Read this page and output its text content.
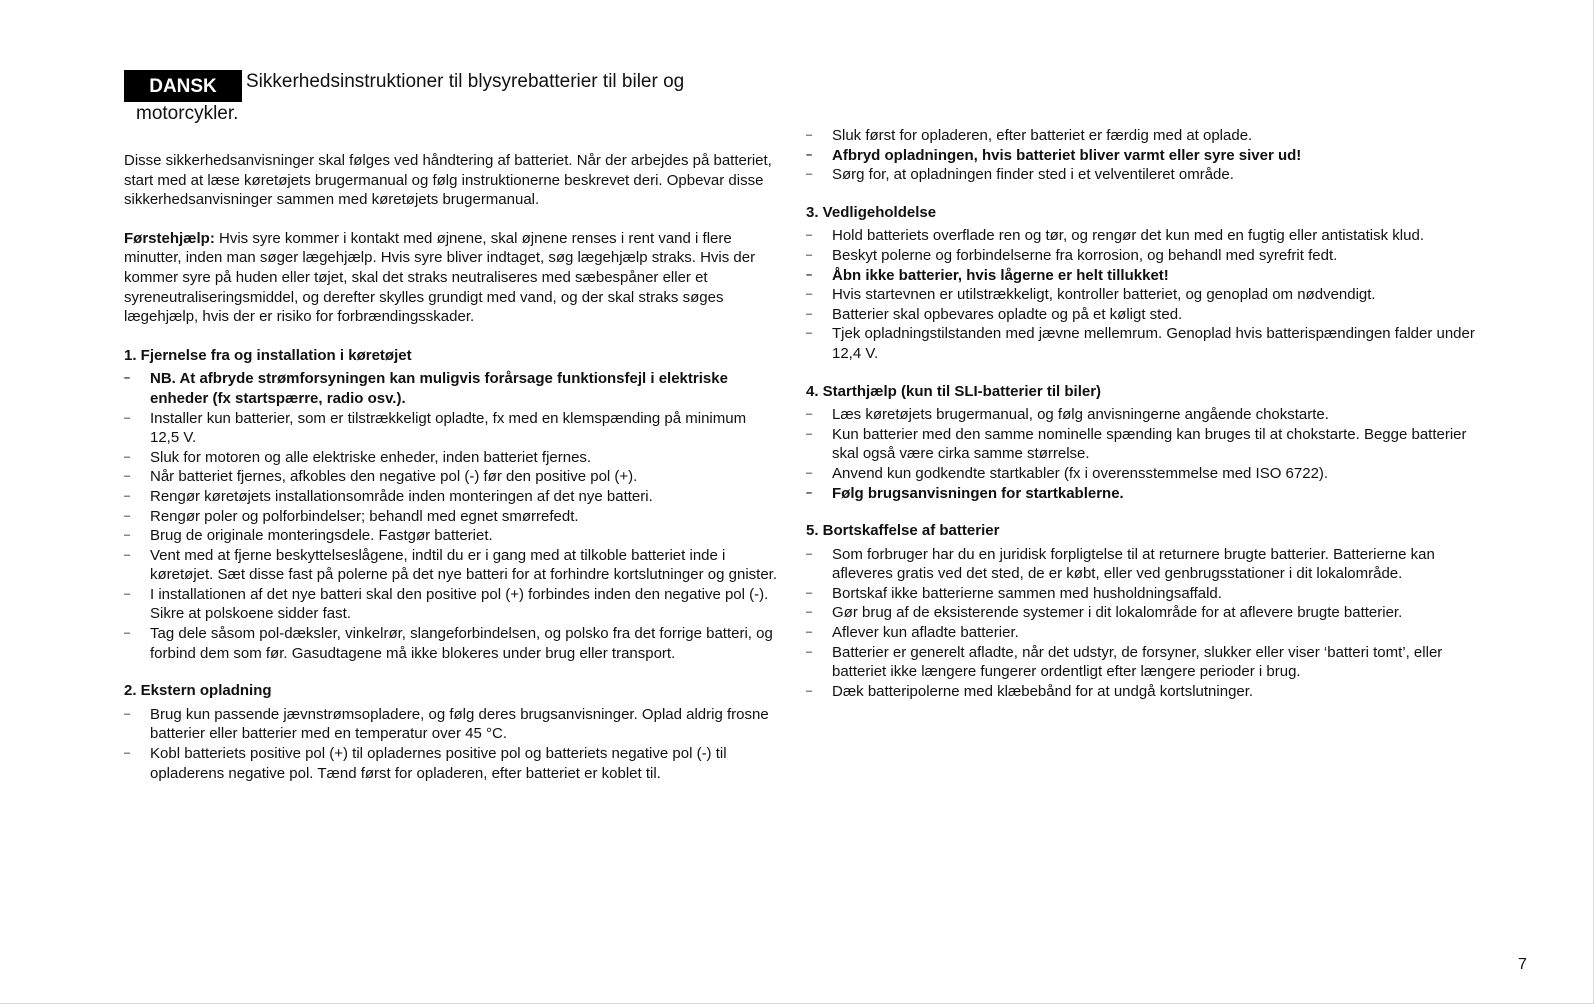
DANSK Sikkerhedsinstruktioner til blysyrebatterier til biler og
motorcykler.

Disse sikkerhedsanvisninger skal følges ved håndtering af batteriet. Når der arbejdes på batteriet, start med at læse køretøjets brugermanual og følg instruktionerne beskrevet deri. Opbevar disse sikkerhedsanvisninger sammen med køretøjets brugermanual.

Førstehjælp: Hvis syre kommer i kontakt med øjnene, skal øjnene renses i rent vand i flere minutter, inden man søger lægehjælp. Hvis syre bliver indtaget, søg lægehjælp straks. Hvis der kommer syre på huden eller tøjet, skal det straks neutraliseres med sæbespåner eller et syreneutraliseringsmiddel, og derefter skylles grundigt med vand, og der skal straks søges lægehjælp, hvis der er risiko for forbrændingsskader.

1. Fjernelse fra og installation i køretøjet
– NB. At afbryde strømforsyningen kan muligvis forårsage funktionsfejl i elektriske enheder (fx startspærre, radio osv.).
– Installer kun batterier, som er tilstrækkeligt opladte, fx med en klemspænding på minimum 12,5 V.
– Sluk for motoren og alle elektriske enheder, inden batteriet fjernes.
– Når batteriet fjernes, afkobles den negative pol (-) før den positive pol (+).
– Rengør køretøjets installationsområde inden monteringen af det nye batteri.
– Rengør poler og polforbindelser; behandl med egnet smørrefedt.
– Brug de originale monteringsdele. Fastgør batteriet.
– Vent med at fjerne beskyttelseslågene, indtil du er i gang med at tilkoble batteriet inde i køretøjet. Sæt disse fast på polerne på det nye batteri for at forhindre kortslutninger og gnister.
– I installationen af det nye batteri skal den positive pol (+) forbindes inden den negative pol (-). Sikre at polskoene sidder fast.
– Tag dele såsom pol-dæksler, vinkelrør, slangeforbindelsen, og polsko fra det forrige batteri, og forbind dem som før. Gasudtagene må ikke blokeres under brug eller transport.
2. Ekstern opladning
– Brug kun passende jævnstrømsopladere, og følg deres brugsanvisninger. Oplad aldrig frosne batterier eller batterier med en temperatur over 45 °C.
– Kobl batteriets positive pol (+) til opladernes positive pol og batteriets negative pol (-) til opladerens negative pol. Tænd først for opladeren, efter batteriet er koblet til.
– Sluk først for opladeren, efter batteriet er færdig med at oplade.
– Afbryd opladningen, hvis batteriet bliver varmt eller syre siver ud!
– Sørg for, at opladningen finder sted i et velventileret område.
3. Vedligeholdelse
– Hold batteriets overflade ren og tør, og rengør det kun med en fugtig eller antistatisk klud.
– Beskyt polerne og forbindelserne fra korrosion, og behandl med syrefrit fedt.
– Åbn ikke batterier, hvis lågerne er helt tillukket!
– Hvis startevnen er utilstrækkeligt, kontroller batteriet, og genoplad om nødvendigt.
– Batterier skal opbevares opladte og på et køligt sted.
– Tjek opladningstilstanden med jævne mellemrum. Genoplad hvis batterispændingen falder under 12,4 V.
4. Starthjælp (kun til SLI-batterier til biler)
– Læs køretøjets brugermanual, og følg anvisningerne angående chokstarte.
– Kun batterier med den samme nominelle spænding kan bruges til at chokstarte. Begge batterier skal også være cirka samme størrelse.
– Anvend kun godkendte startkabler (fx i overensstemmelse med ISO 6722).
– Følg brugsanvisningen for startkablerne.
5. Bortskaffelse af batterier
– Som forbruger har du en juridisk forpligtelse til at returnere brugte batterier. Batterierne kan afleveres gratis ved det sted, de er købt, eller ved genbrugsstationer i dit lokalområde.
– Bortskaf ikke batterierne sammen med husholdningsaffald.
– Gør brug af de eksisterende systemer i dit lokalområde for at aflevere brugte batterier.
– Aflever kun afladte batterier.
– Batterier er generelt afladte, når det udstyr, de forsyner, slukker eller viser ‘batteri tomt’, eller batteriet ikke længere fungerer ordentligt efter længere perioder i brug.
– Dæk batteripolerne med klæbebånd for at undgå kortslutninger.
7
